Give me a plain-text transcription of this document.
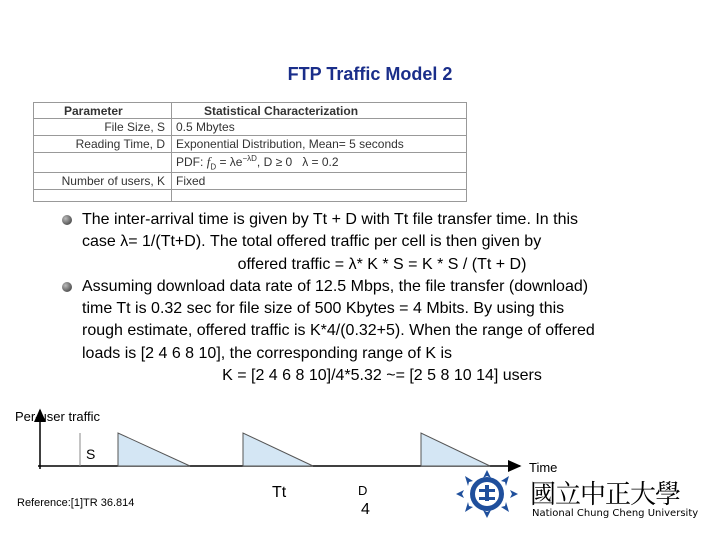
FTP Traffic Model 2
Parameter	Statistical Characterization
File Size, S	0.5 Mbytes
Reading Time, D	Exponential Distribution, Mean= 5 seconds
	PDF: $f_D = \lambda e^{-\lambda D}$, D ≥ 0 λ = 0.2
Number of users, K	Fixed

The inter-arrival time is given by Tt + D with Tt file transfer time. In this
case λ= 1/(Tt+D). The total offered traffic per cell is then given by
offered traffic = λ* K * S = K * S / (Tt + D)
Assuming download data rate of 12.5 Mbps, the file transfer (download)
time Tt is 0.32 sec for file size of 500 Kbytes = 4 Mbits. By using this
rough estimate, offered traffic is K*4/(0.32+5). When the range of offered
loads is [2 4 6 8 10], the corresponding range of K is
K = [2 4 6 8 10]/4*5.32 ~= [2 5 8 10 14] users
Per-user traffic
Time
S
Reference:[1]TR 36.814
Tt	D
4	國立中正大學
National Chung Cheng University
